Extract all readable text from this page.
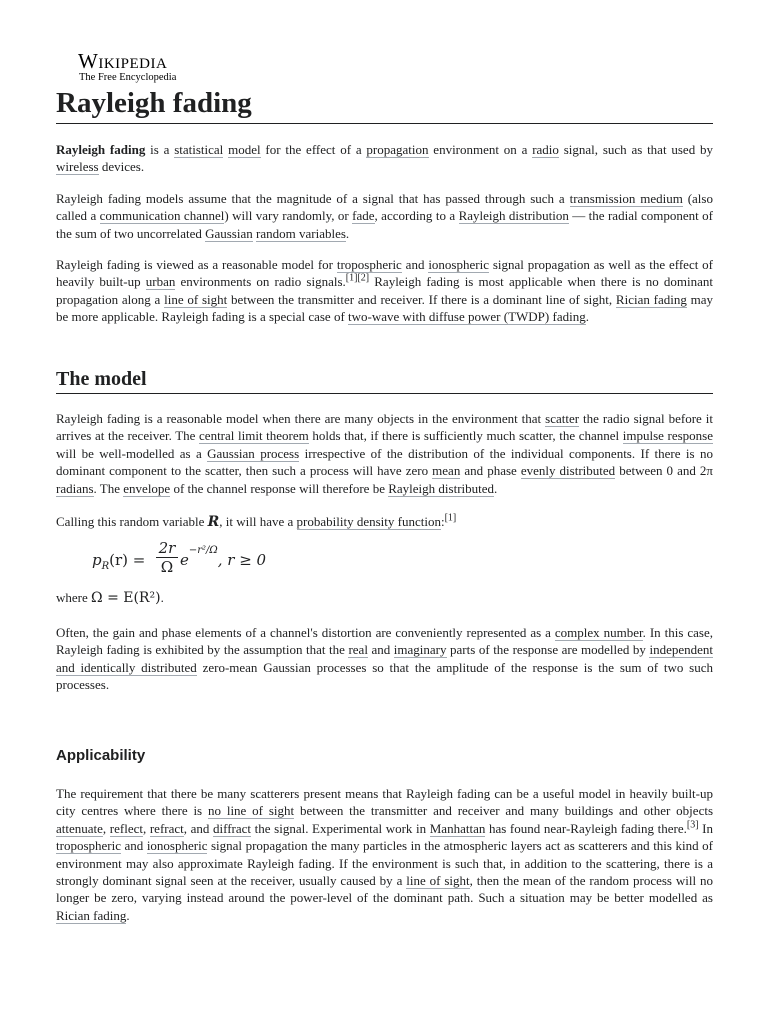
Wikipedia
The Free Encyclopedia
Rayleigh fading

Rayleigh fading is a statistical model for the effect of a propagation environment on a radio signal, such as that used by wireless devices.

Rayleigh fading models assume that the magnitude of a signal that has passed through such a transmission medium (also called a communication channel) will vary randomly, or fade, according to a Rayleigh distribution — the radial component of the sum of two uncorrelated Gaussian random variables.

Rayleigh fading is viewed as a reasonable model for tropospheric and ionospheric signal propagation as well as the effect of heavily built-up urban environments on radio signals.[1][2] Rayleigh fading is most applicable when there is no dominant propagation along a line of sight between the transmitter and receiver. If there is a dominant line of sight, Rician fading may be more applicable. Rayleigh fading is a special case of two-wave with diffuse power (TWDP) fading.

The model

Rayleigh fading is a reasonable model when there are many objects in the environment that scatter the radio signal before it arrives at the receiver. The central limit theorem holds that, if there is sufficiently much scatter, the channel impulse response will be well-modelled as a Gaussian process irrespective of the distribution of the individual components. If there is no dominant component to the scatter, then such a process will have zero mean and phase evenly distributed between 0 and 2π radians. The envelope of the channel response will therefore be Rayleigh distributed.

Calling this random variable R, it will have a probability density function:[1]

$p_R(r) = \frac{2r}{\Omega} e^{-r^2/\Omega}$, r ≥ 0

where Ω = E(R²).

Often, the gain and phase elements of a channel's distortion are conveniently represented as a complex number. In this case, Rayleigh fading is exhibited by the assumption that the real and imaginary parts of the response are modelled by independent and identically distributed zero-mean Gaussian processes so that the amplitude of the response is the sum of two such processes.

Applicability

The requirement that there be many scatterers present means that Rayleigh fading can be a useful model in heavily built-up city centres where there is no line of sight between the transmitter and receiver and many buildings and other objects attenuate, reflect, refract, and diffract the signal. Experimental work in Manhattan has found near-Rayleigh fading there.[3] In tropospheric and ionospheric signal propagation the many particles in the atmospheric layers act as scatterers and this kind of environment may also approximate Rayleigh fading. If the environment is such that, in addition to the scattering, there is a strongly dominant signal seen at the receiver, usually caused by a line of sight, then the mean of the random process will no longer be zero, varying instead around the power-level of the dominant path. Such a situation may be better modelled as Rician fading.
